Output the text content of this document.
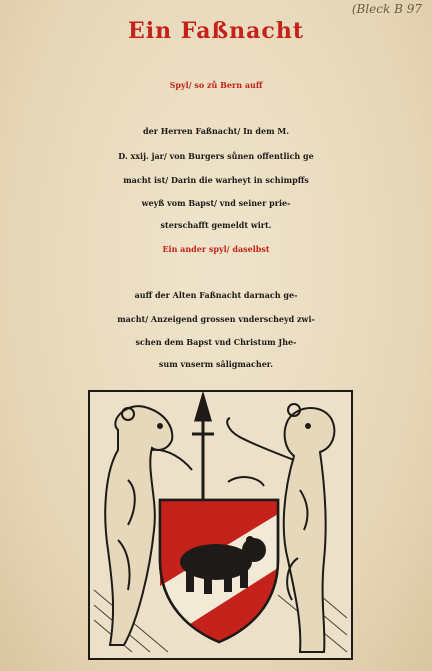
(Bleck B 97
Ein Faßnacht
Spyl/ so zů Bern auff
der Herren Faßnacht/ In dem M.
D. xxij. jar/ von Burgers sůnen offentlich ge
macht ist/ Darin die warheyt in schimpffs
weyß vom Bapst/ vnd seiner prie-
sterschafft gemeldt wirt.
Ein ander spyl/ daselbst
auff der Alten Faßnacht darnach ge-
macht/ Anzeigend grossen vnderscheyd zwi-
schen dem Bapst vnd Christum Jhe-
sum vnserm sâligmacher.
